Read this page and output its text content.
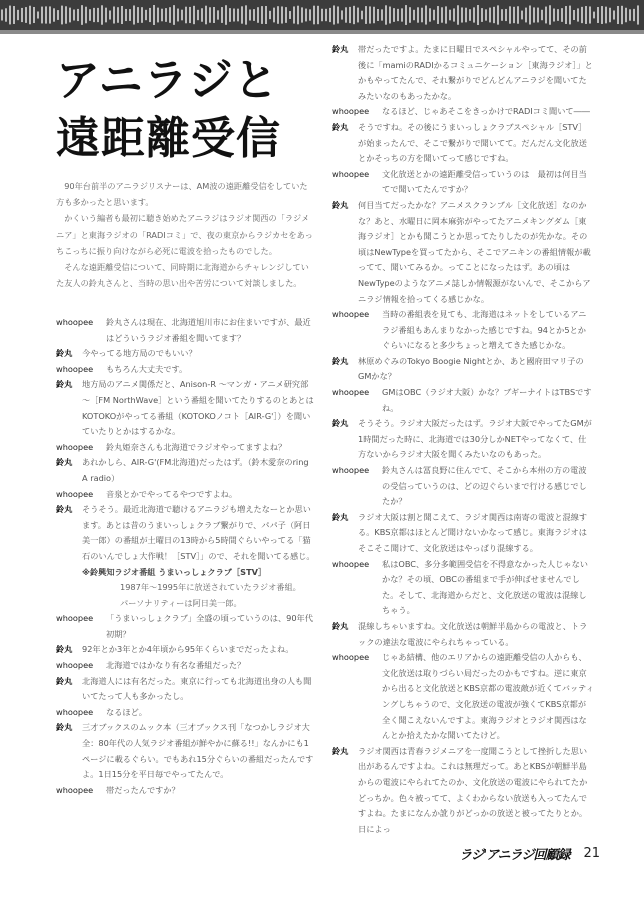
アニラジと
遠距離受信

90年台前半のアニラジリスナーは、AM波の遠距離受信をしていた方も多かったと思います。

かくいう編者も最初に聴き始めたアニラジはラジオ関西の「ラジメニア」と東海ラジオの「RADIコミ」で、夜の東京からラジカセをあっちこっちに振り向けながら必死に電波を拾ったものでした。

そんな遠距離受信について、同時期に北海道からチャレンジしていた友人の鈴丸さんと、当時の思い出や苦労について対談しました。

whoopee	鈴丸さんは現在、北海道旭川市にお住まいですが、最近はどういうラジオ番組を聞いてます？
鈴丸 今やってる地方局のでもいい？
whoopee	もちろん大丈夫です。
鈴丸 地方局のアニメ関係だと、Anison-R ～マンガ・アニメ研究部～［FM NorthWave］という番組を聞いてたりするのとあとはKOTOKOがやってる番組（KOTOKOノコト［AIR-G'］）を聞いていたりとかはするかな。
whoopee	鈴丸姫奈さんも北海道でラジオやってますよね？
鈴丸 あれかしら、AIR-G'(FM北海道)だったはず。（鈴木愛奈のring A radio）
whoopee	音泉とかでやってるやつですよね。
鈴丸 そうそう。最近北海道で聴けるアニラジも増えたなーとか思います。あとは昔のうまいっしょクラブ繋がりで、パパ子（阿日美一郎）の番組が土曜日の13時から5時間ぐらいやってる「猫石のいんでしょ大作戦！［STV］」ので、それを聞いてる感じ。
※鈴興知ラジオ番組 うまいっしょクラブ［STV］
1987年～1995年に放送されていたラジオ番組。
パーソナリティーは阿日美一郎。
whoopee	「うまいっしょクラブ」全盛の頃っていうのは、90年代初期？
鈴丸 92年とか3年とか4年頃から95年くらいまでだったよね。
whoopee	北海道ではかなり有名な番組だった？
鈴丸 北海道人には有名だった。東京に行っても北海道出身の人も聞いてたって人も多かったし。
whoopee	なるほど。
鈴丸 三才ブックスのムック本（三才ブックス刊「なつかしラジオ大全：80年代の人気ラジオ番組が鮮やかに蘇る!!」なんかにも1ページに載るぐらい。でもあれ15分ぐらいの番組だったんですよ。1日15分を平日毎でやってたんで。
whoopee	帯だったんですか？
鈴丸 帯だったですよ。たまに日曜日でスペシャルやってて、その前後に「mamiのRADIかるコミュニケーション［東海ラジオ］」とかもやってたんで、それ繋がりでどんどんアニラジを聞いてたみたいなのもあったかな。
whoopee	なるほど、じゃあそこをきっかけでRADIコミ聞いて――
鈴丸 そうですね。その後にうまいっしょクラブスペシャル［STV］が始まったんで、そこで繋がりで聞いてて。だんだん文化放送とかそっちの方を聞いてって感じですね。
whoopee	文化放送とかの遠距離受信っていうのは　最初は何目当てで聞いてたんですか？
鈴丸 何目当てだったかな？アニメスクランブル［文化放送］なのかな？あと、水曜日に岡本麻弥がやってたアニメキングダム［東海ラジオ］とかも聞こうとか思ってたりしたのが先かな。その頃はNewTypeを買ってたから、そこでアニキンの番組情報が載ってて、聞いてみるか。ってことになったはず。あの頃はNewTypeのようなアニメ誌しか情報源がないんで、そこからアニラジ情報を拾ってくる感じかな。
whoopee	当時の番組表を見ても、北海道はネットをしているアニラジ番組もあんまりなかった感じですね。94とか5とかぐらいになると多少ちょっと増えてきた感じかな。
鈴丸 林原めぐみのTokyo Boogie Nightとか、あと國府田マリ子のGMかな？
whoopee	GMはOBC（ラジオ大阪）かな？ブギーナイトはTBSですね。
鈴丸 そうそう。ラジオ大阪だったはず。ラジオ大阪でやってたGMが1時間だった時に、北海道では30分しかNETやってなくて、仕方ないからラジオ大阪を聞くみたいなのもあった。
whoopee	鈴丸さんは冨良野に住んでて、そこから本州の方の電波の受信っていうのは、どの辺ぐらいまで行ける感じでしたか？
鈴丸 ラジオ大阪は割と聞こえて、ラジオ関西は南寄の電波と混線する。KBS京都はほとんど聞けないかなって感じ。東海ラジオはそこそこ聞けて、文化放送はやっぱり混線する。
whoopee	私はOBC、多分多範囲受信を不得意なかった人じゃないかな？その頃、OBCの番組まで手が伸ばせませんでした。そして、北海道からだと、文化放送の電波は混線しちゃう。
鈴丸 混線しちゃいますね。文化放送は朝鮮半島からの電波と、トラックの違法な電波にやられちゃっている。
whoopee	じゃあ結構、他のエリアからの遠距離受信の人からも、文化放送は取りづらい局だったのかもですね。逆に東京から出ると文化放送とKBS京都の電波敵が近くてバッティングしちゃうので、文化放送の電波が強くてKBS京都が全く聞こえないんですよ。東海ラジオとラジオ関西はなんとか拾えたかな聞いてたけど。
鈴丸 ラジオ関西は青春ラジメニアを一度聞こうとして挫折した思い出があるんですよね。これは無理だって。あとKBSが朝鮮半島からの電波にやられてたのか、文化放送の電波にやられてたかどっちか。色々被ってて、よくわからない放送も入ってたんですよね。たまになんか訛りがどっかの放送と被ってたりとか。日によっ
ラジ'アニラジ回顧録 21
